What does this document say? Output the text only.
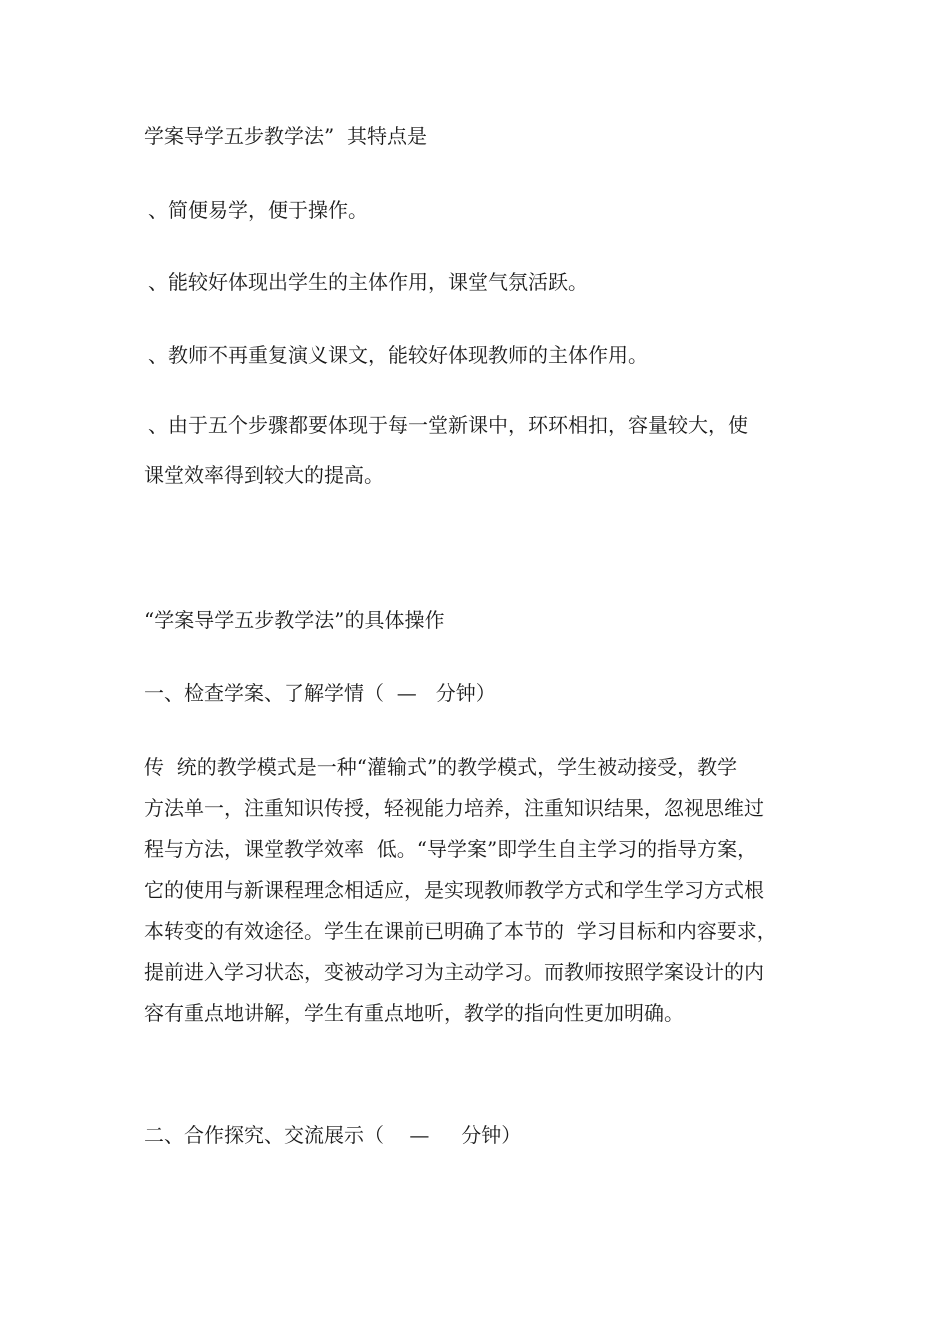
学案导学五步教学法”  其特点是
、简便易学，便于操作。
、能较好体现出学生的主体作用，课堂气氛活跃。
、教师不再重复演义课文，能较好体现教师的主体作用。
、由于五个步骤都要体现于每一堂新课中，环环相扣，容量较大，使
课堂效率得到较大的提高。
“学案导学五步教学法”的具体操作
一、检查学案、了解学情（  —   分钟）
传  统的教学模式是一种“灌输式”的教学模式，学生被动接受，教学
方法单一，注重知识传授，轻视能力培养，注重知识结果，忽视思维过
程与方法，课堂教学效率  低。“导学案”即学生自主学习的指导方案，
它的使用与新课程理念相适应，是实现教师教学方式和学生学习方式根
本转变的有效途径。学生在课前已明确了本节的  学习目标和内容要求，
提前进入学习状态，变被动学习为主动学习。而教师按照学案设计的内
容有重点地讲解，学生有重点地听，教学的指向性更加明确。
二、合作探究、交流展示（    —     分钟）
